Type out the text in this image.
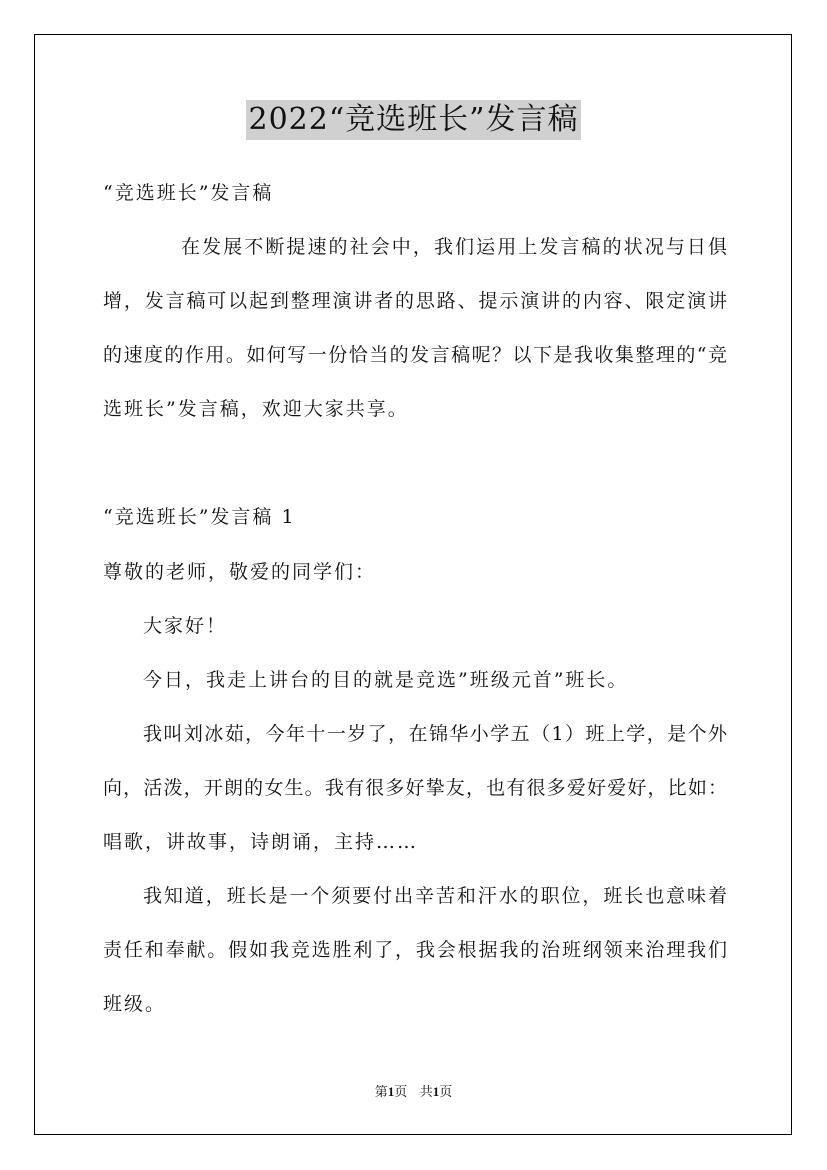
2022“竞选班长”发言稿
“竞选班长”发言稿
在发展不断提速的社会中，我们运用上发言稿的状况与日俱
增，发言稿可以起到整理演讲者的思路、提示演讲的内容、限定演讲
的速度的作用。如何写一份恰当的发言稿呢？以下是我收集整理的“竞
选班长”发言稿，欢迎大家共享。
“竞选班长”发言稿 1
尊敬的老师，敬爱的同学们：
大家好！
今日，我走上讲台的目的就是竞选”班级元首”班长。
我叫刘冰茹，今年十一岁了，在锦华小学五（1）班上学，是个外
向，活泼，开朗的女生。我有很多好挚友，也有很多爱好爱好，比如：
唱歌，讲故事，诗朗诵，主持……
我知道，班长是一个须要付出辛苦和汗水的职位，班长也意味着
责任和奉献。假如我竞选胜利了，我会根据我的治班纲领来治理我们
班级。
第1页 共1页
